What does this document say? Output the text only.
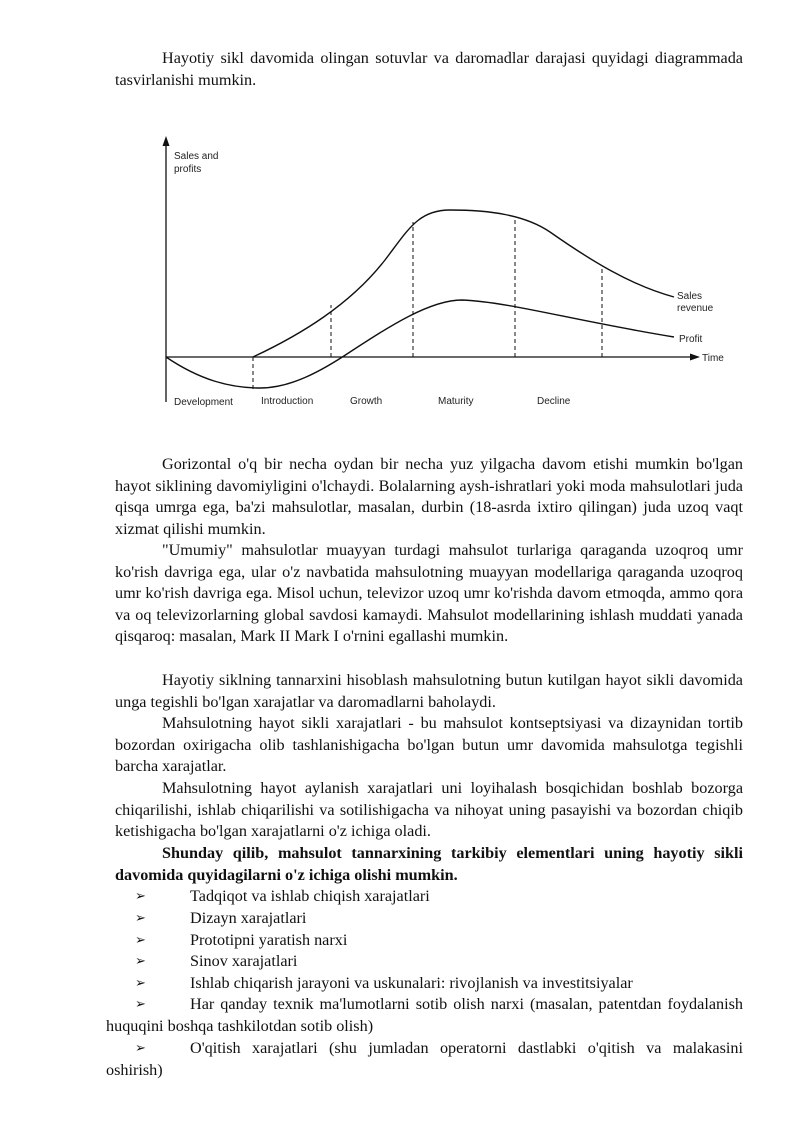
Hayotiy sikl davomida olingan sotuvlar va daromadlar darajasi quyidagi diagrammada tasvirlanishi mumkin.

Sales and
profits
Sales
revenue
Profit
Time
Development	Introduction	Growth	Maturity	Decline

Gorizontal o'q bir necha oydan bir necha yuz yilgacha davom etishi mumkin bo'lgan hayot siklining davomiyligini o'lchaydi. Bolalarning aysh-ishratlari yoki moda mahsulotlari juda qisqa umrga ega, ba'zi mahsulotlar, masalan, durbin (18-asrda ixtiro qilingan) juda uzoq vaqt xizmat qilishi mumkin.

"Umumiy" mahsulotlar muayyan turdagi mahsulot turlariga qaraganda uzoqroq umr ko'rish davriga ega, ular o'z navbatida mahsulotning muayyan modellariga qaraganda uzoqroq umr ko'rish davriga ega. Misol uchun, televizor uzoq umr ko'rishda davom etmoqda, ammo qora va oq televizorlarning global savdosi kamaydi. Mahsulot modellarining ishlash muddati yanada qisqaroq: masalan, Mark II Mark I o'rnini egallashi mumkin.

Hayotiy siklning tannarxini hisoblash mahsulotning butun kutilgan hayot sikli davomida unga tegishli bo'lgan xarajatlar va daromadlarni baholaydi.

Mahsulotning hayot sikli xarajatlari - bu mahsulot kontseptsiyasi va dizaynidan tortib bozordan oxirigacha olib tashlanishigacha bo'lgan butun umr davomida mahsulotga tegishli barcha xarajatlar.

Mahsulotning hayot aylanish xarajatlari uni loyihalash bosqichidan boshlab bozorga chiqarilishi, ishlab chiqarilishi va sotilishigacha va nihoyat uning pasayishi va bozordan chiqib ketishigacha bo'lgan xarajatlarni o'z ichiga oladi.

Shunday qilib, mahsulot tannarxining tarkibiy elementlari uning hayotiy sikli davomida quyidagilarni o'z ichiga olishi mumkin.

➢	Tadqiqot va ishlab chiqish xarajatlari
➢	Dizayn xarajatlari
➢	Prototipni yaratish narxi
➢	Sinov xarajatlari
➢	Ishlab chiqarish jarayoni va uskunalari: rivojlanish va investitsiyalar
➢	Har qanday texnik ma'lumotlarni sotib olish narxi (masalan, patentdan foydalanish huquqini boshqa tashkilotdan sotib olish)
➢	O'qitish xarajatlari (shu jumladan operatorni dastlabki o'qitish va malakasini oshirish)
